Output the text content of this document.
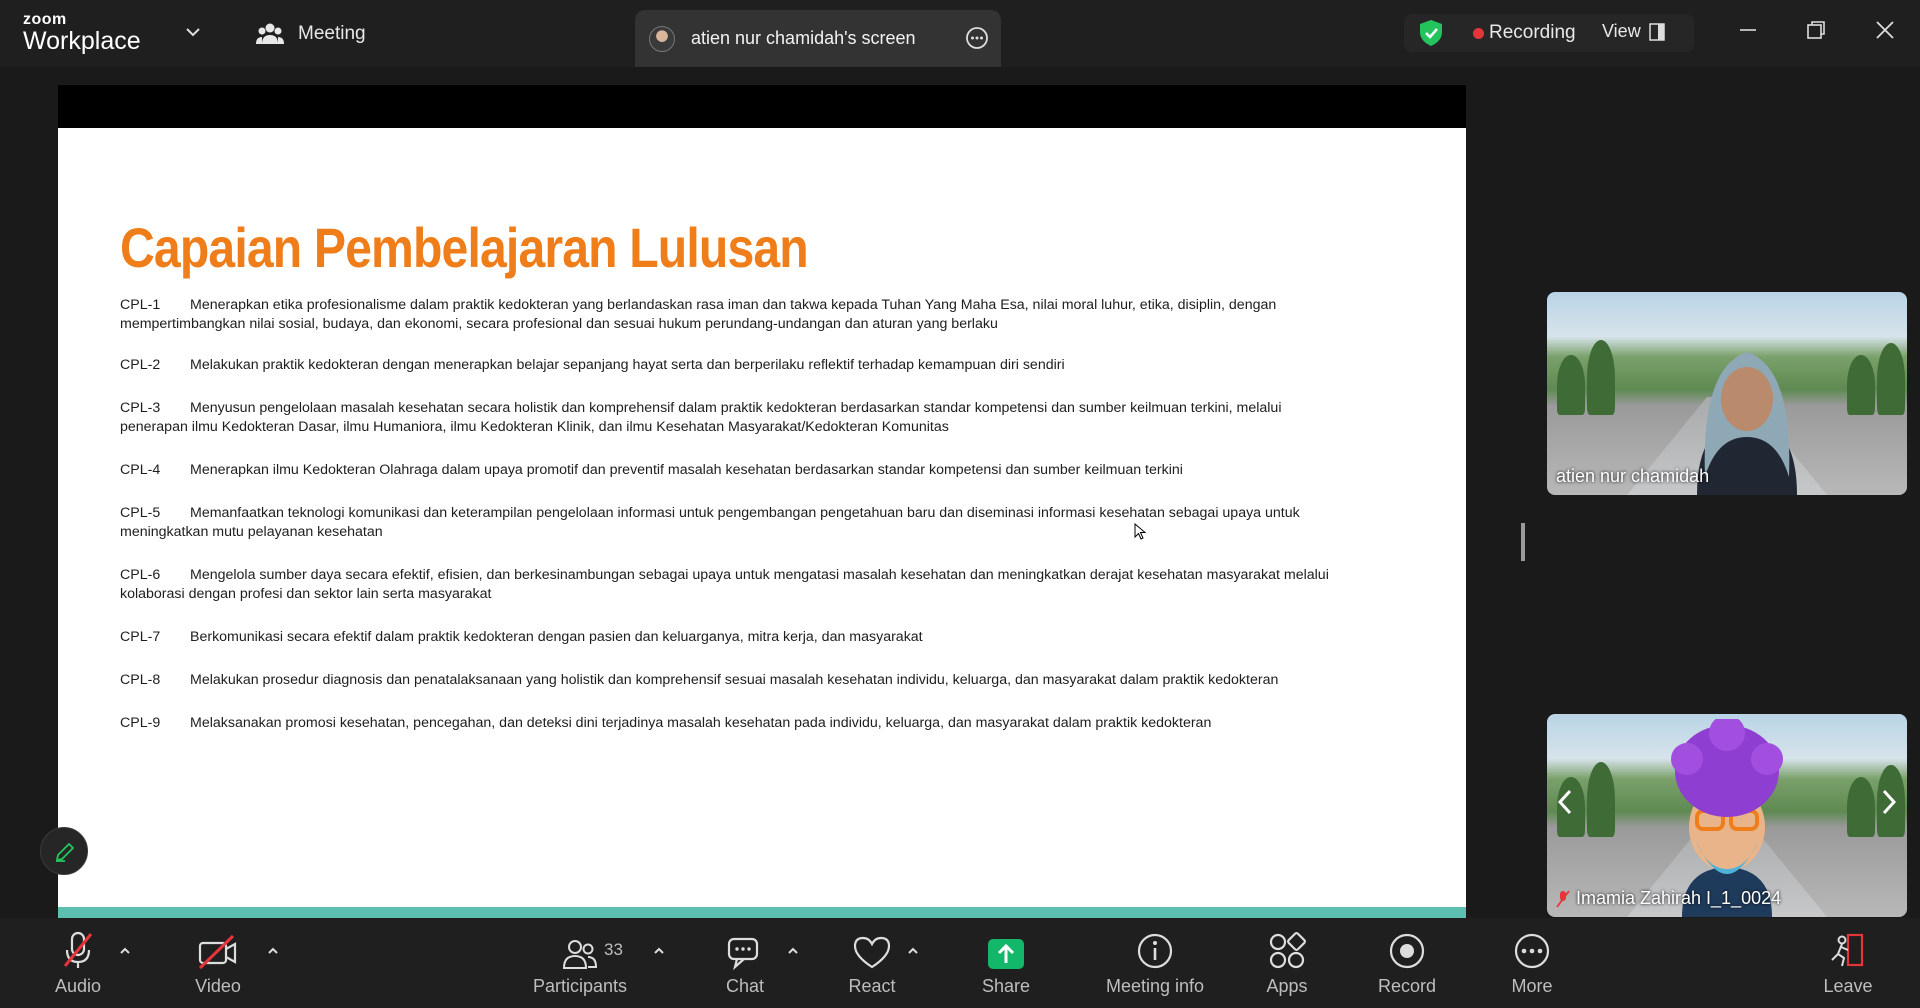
zoom
Workplace	Meeting	atien nur chamidah's screen	Recording View
Capaian Pembelajaran Lulusan
CPL-1 Menerapkan etika profesionalisme dalam praktik kedokteran yang berlandaskan rasa iman dan takwa kepada Tuhan Yang Maha Esa, nilai moral luhur, etika, disiplin, dengan
mempertimbangkan nilai sosial, budaya, dan ekonomi, secara profesional dan sesuai hukum perundang-undangan dan aturan yang berlaku
CPL-2 Melakukan praktik kedokteran dengan menerapkan belajar sepanjang hayat serta dan berperilaku reflektif terhadap kemampuan diri sendiri
CPL-3 Menyusun pengelolaan masalah kesehatan secara holistik dan komprehensif dalam praktik kedokteran berdasarkan standar kompetensi dan sumber keilmuan terkini, melalui
penerapan ilmu Kedokteran Dasar, ilmu Humaniora, ilmu Kedokteran Klinik, dan ilmu Kesehatan Masyarakat/Kedokteran Komunitas
CPL-4 Menerapkan ilmu Kedokteran Olahraga dalam upaya promotif dan preventif masalah kesehatan berdasarkan standar kompetensi dan sumber keilmuan terkini
CPL-5 Memanfaatkan teknologi komunikasi dan keterampilan pengelolaan informasi untuk pengembangan pengetahuan baru dan diseminasi informasi kesehatan sebagai upaya untuk
meningkatkan mutu pelayanan kesehatan
CPL-6 Mengelola sumber daya secara efektif, efisien, dan berkesinambungan sebagai upaya untuk mengatasi masalah kesehatan dan meningkatkan derajat kesehatan masyarakat melalui
kolaborasi dengan profesi dan sektor lain serta masyarakat
CPL-7 Berkomunikasi secara efektif dalam praktik kedokteran dengan pasien dan keluarganya, mitra kerja, dan masyarakat
CPL-8 Melakukan prosedur diagnosis dan penatalaksanaan yang holistik dan komprehensif sesuai masalah kesehatan individu, keluarga, dan masyarakat dalam praktik kedokteran
CPL-9 Melaksanakan promosi kesehatan, pencegahan, dan deteksi dini terjadinya masalah kesehatan pada individu, keluarga, dan masyarakat dalam praktik kedokteran
atien nur chamidah
Imamia Zahirah I_1_0024
Audio	Video	Participants
33
Chat	React	Share	Meeting info	Apps	Record	More	Leave
